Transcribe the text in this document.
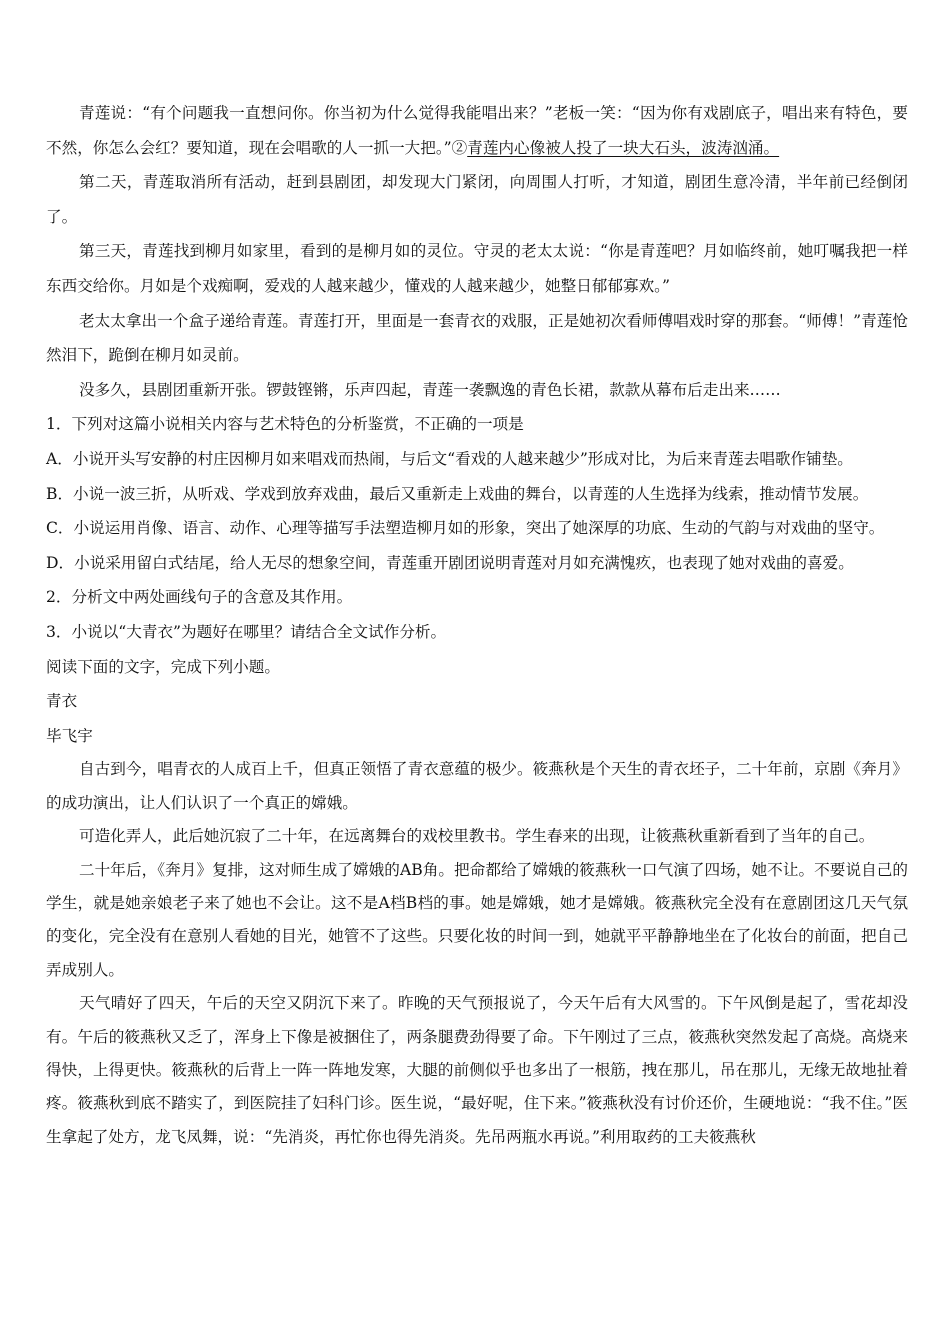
青莲说：“有个问题我一直想问你。你当初为什么觉得我能唱出来？”老板一笑：“因为你有戏剧底子，唱出来有特色，要不然，你怎么会红？要知道，现在会唱歌的人一抓一大把。”②青莲内心像被人投了一块大石头，波涛汹涌。

第二天，青莲取消所有活动，赶到县剧团，却发现大门紧闭，向周围人打听，才知道，剧团生意冷清，半年前已经倒闭了。

第三天，青莲找到柳月如家里，看到的是柳月如的灵位。守灵的老太太说：“你是青莲吧？月如临终前，她叮嘱我把一样东西交给你。月如是个戏痴啊，爱戏的人越来越少，懂戏的人越来越少，她整日郁郁寡欢。”

老太太拿出一个盒子递给青莲。青莲打开，里面是一套青衣的戏服，正是她初次看师傅唱戏时穿的那套。“师傅！”青莲怆然泪下，跪倒在柳月如灵前。

没多久，县剧团重新开张。锣鼓铿锵，乐声四起，青莲一袭飘逸的青色长裙，款款从幕布后走出来……

1．下列对这篇小说相关内容与艺术特色的分析鉴赏，不正确的一项是

A．小说开头写安静的村庄因柳月如来唱戏而热闹，与后文“看戏的人越来越少”形成对比，为后来青莲去唱歌作铺垫。

B．小说一波三折，从听戏、学戏到放弃戏曲，最后又重新走上戏曲的舞台，以青莲的人生选择为线索，推动情节发展。

C．小说运用肖像、语言、动作、心理等描写手法塑造柳月如的形象，突出了她深厚的功底、生动的气韵与对戏曲的坚守。

D．小说采用留白式结尾，给人无尽的想象空间，青莲重开剧团说明青莲对月如充满愧疚，也表现了她对戏曲的喜爱。

2．分析文中两处画线句子的含意及其作用。

3．小说以“大青衣”为题好在哪里？请结合全文试作分析。

阅读下面的文字，完成下列小题。

青衣

毕飞宇

自古到今，唱青衣的人成百上千，但真正领悟了青衣意蕴的极少。筱燕秋是个天生的青衣坯子，二十年前，京剧《奔月》的成功演出，让人们认识了一个真正的嫦娥。

可造化弄人，此后她沉寂了二十年，在远离舞台的戏校里教书。学生春来的出现，让筱燕秋重新看到了当年的自己。

二十年后，《奔月》复排，这对师生成了嫦娥的AB角。把命都给了嫦娥的筱燕秋一口气演了四场，她不让。不要说自己的学生，就是她亲娘老子来了她也不会让。这不是A档B档的事。她是嫦娥，她才是嫦娥。筱燕秋完全没有在意剧团这几天气氛的变化，完全没有在意别人看她的目光，她管不了这些。只要化妆的时间一到，她就平平静静地坐在了化妆台的前面，把自己弄成别人。

天气晴好了四天，午后的天空又阴沉下来了。昨晚的天气预报说了，今天午后有大风雪的。下午风倒是起了，雪花却没有。午后的筱燕秋又乏了，浑身上下像是被捆住了，两条腿费劲得要了命。下午刚过了三点，筱燕秋突然发起了高烧。高烧来得快，上得更快。筱燕秋的后背上一阵一阵地发寒，大腿的前侧似乎也多出了一根筋，拽在那儿，吊在那儿，无缘无故地扯着疼。筱燕秋到底不踏实了，到医院挂了妇科门诊。医生说，“最好呢，住下来。”筱燕秋没有讨价还价，生硬地说：“我不住。”医生拿起了处方，龙飞凤舞，说：“先消炎，再忙你也得先消炎。先吊两瓶水再说。”利用取药的工夫筱燕秋
